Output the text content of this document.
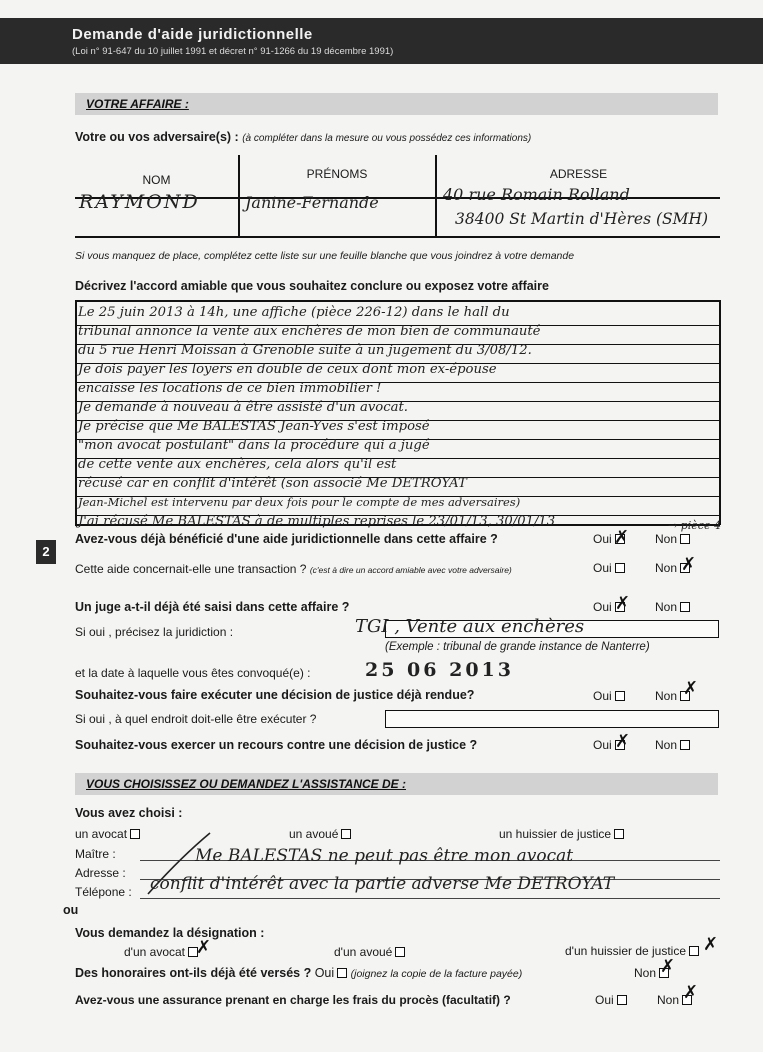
Demande d'aide juridictionnelle
(Loi n° 91-647 du 10 juillet 1991 et décret n° 91-1266 du 19 décembre 1991)
VOTRE AFFAIRE :
Votre ou vos adversaire(s) : (à compléter dans la mesure ou vous possédez ces informations)
NOM	PRÉNOMS	ADRESSE
RAYMOND	Janine-Fernande	40 rue Romain Rolland
38400 St Martin d'Hères (SMH)
Si vous manquez de place, complétez cette liste sur une feuille blanche que vous joindrez à votre demande
Décrivez l'accord amiable que vous souhaitez conclure ou exposez votre affaire
Le 25 juin 2013 à 14h, une affiche (pièce 226-12) dans le hall du
tribunal annonce la vente aux enchères de mon bien de communauté
du 5 rue Henri Moissan à Grenoble suite à un jugement du 3/08/12.
Je dois payer les loyers en double de ceux dont mon ex-épouse
encaisse les locations de ce bien immobilier !
Je demande à nouveau à être assisté d'un avocat.
Je précise que Me BALESTAS Jean-Yves s'est imposé
"mon avocat postulant" dans la procédure qui a jugé
de cette vente aux enchères, cela alors qu'il est
récusé car en conflit d'intérêt (son associé Me DETROYAT
Jean-Michel est intervenu par deux fois pour le compte de mes adversaires)
J'ai récusé Me BALESTAS à de multiples reprises le 23/01/13, 30/01/13
2
Avez-vous déjà bénéficié d'une aide juridictionnelle dans cette affaire ?	Oui ✗ Non
→ pièce 4
Cette aide concernait-elle une transaction ? (c'est à dire un accord amiable avec votre adversaire)	Oui	Non ✗
Un juge a-t-il déjà été saisi dans cette affaire ?	Oui ✗ Non
Si oui , précisez la juridiction :	TGI , Vente aux enchères
(Exemple : tribunal de grande instance de Nanterre)
et la date à laquelle vous êtes convoqué(e) :	25 06 2013
Souhaitez-vous faire exécuter une décision de justice déjà rendue?	Oui	Non ✗
Si oui , à quel endroit doit-elle être exécuter ?
Souhaitez-vous exercer un recours contre une décision de justice ?	Oui ✗ Non
VOUS CHOISISSEZ OU DEMANDEZ L'ASSISTANCE DE :
Vous avez choisi :
un avocat	un avoué	un huissier de justice
Maître :
Adresse :
Télépone :
Me BALESTAS ne peut pas être mon avocat
conflit d'intérêt avec la partie adverse Me DETROYAT
ou
Vous demandez la désignation :
d'un avocat ✗	d'un avoué	d'un huissier de justice ✗
Des honoraires ont-ils déjà été versés ? Oui (joignez la copie de la facture payée)	Non ✗
Avez-vous une assurance prenant en charge les frais du procès (facultatif) ?	Oui	Non ✗
